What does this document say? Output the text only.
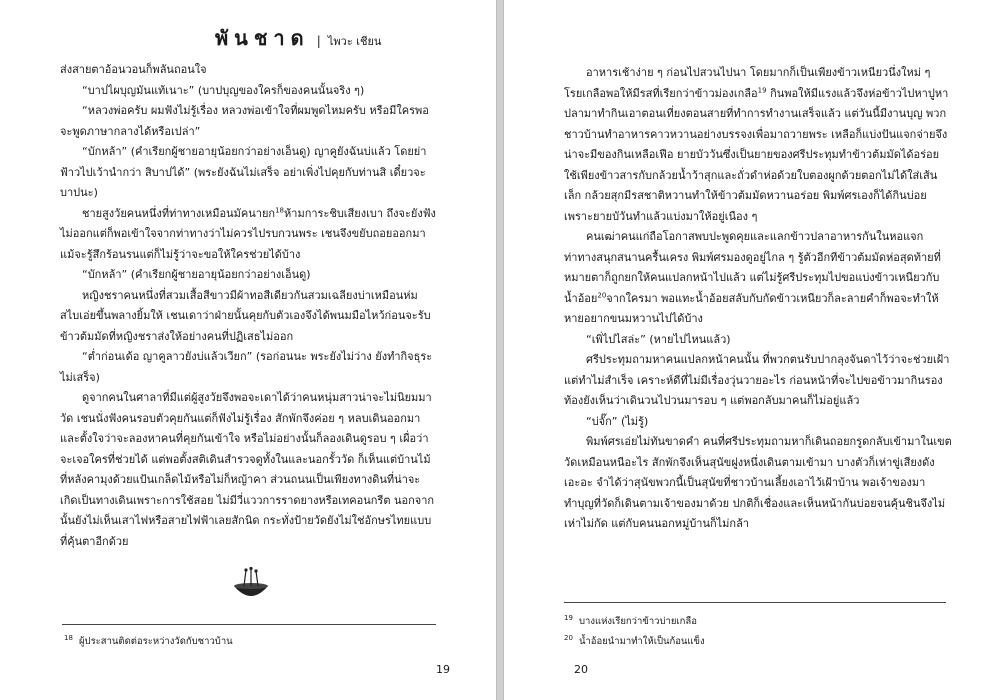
พันชาด | ไพวะ เชียน

ส่งสายตาอ้อนวอนก็พลันถอนใจ

“บาปไผบุญมันแท้เนาะ” (บาปบุญของใครก็ของคนนั้นจริง ๆ)

“หลวงพ่อครับ ผมฟังไม่รู้เรื่อง หลวงพ่อเข้าใจที่ผมพูดไหมครับ หรือมีใครพอจะพูดภาษากลางได้หรือเปล่า”

“บักหล้า” (คำเรียกผู้ชายอายุน้อยกว่าอย่างเอ็นดู) ญาคูยังฉันบ่แล้ว โดยย่าฟ้าวไปเว้านำกว่า สิบาปได้” (พระยังฉันไม่เสร็จ อย่าเพิ่งไปคุยกับท่านสิ เดี๋ยวจะบาปนะ)

ชายสูงวัยคนหนึ่งที่ท่าทางเหมือนมัคนายก$^{18}$ห้ามการะชิบเสียงเบา ถึงจะยังฟังไม่ออกแต่ก็พอเข้าใจจากท่าทางว่าไม่ควรไปรบกวนพระ เชนจึงขยับถอยออกมา แม้จะรู้สึกร้อนรนแต่ก็ไม่รู้ว่าจะขอให้ใครช่วยได้บ้าง

“บักหล้า” (คำเรียกผู้ชายอายุน้อยกว่าอย่างเอ็นดู)

หญิงชราคนหนึ่งที่สวมเสื้อสีขาวมีผ้าทอสีเดียวกันสวมเฉลียงบ่าเหมือนห่มสไบเอ่ยขึ้นพลางยิ้มให้ เชนเดาว่าฝ่ายนั้นคุยกับตัวเองจึงได้พนมมือไหว้ก่อนจะรับข้าวต้มมัดที่หญิงชราส่งให้อย่างคนที่ปฏิเสธไม่ออก

“ต่ำก่อนเด้อ ญาคูลาวยังบ่แล้วเวียก” (รอก่อนนะ พระยังไม่ว่าง ยังทำกิจธุระไม่เสร็จ)

ดูจากคนในศาลาที่มีแต่ผู้สูงวัยจึงพอจะเดาได้ว่าคนหนุ่มสาวน่าจะไม่นิยมมาวัด เชนนั่งฟังคนรอบตัวคุยกันแต่ก็ฟังไม่รู้เรื่อง สักพักจึงค่อย ๆ หลบเดินออกมาและตั้งใจว่าจะลองหาคนที่คุยกันเข้าใจ หรือไม่อย่างนั้นก็ลองเดินดูรอบ ๆ เผื่อว่าจะเจอใครที่ช่วยได้ แต่พอตั้งสติเดินสำรวจดูทั้งในและนอกรั้ววัด ก็เห็นแต่บ้านไม้ที่หลังคามุงด้วยแป้นเกล็ดไม้หรือไม่ก็หญ้าคา ส่วนถนนเป็นเพียงทางดินที่น่าจะเกิดเป็นทางเดินเพราะการใช้สอย ไม่มีวี่แววการราดยางหรือเทคอนกรีต นอกจากนั้นยังไม่เห็นเสาไฟหรือสายไฟฟ้าเลยสักนิด กระทั่งป้ายวัดยังไม่ใช่อักษรไทยแบบที่คุ้นตาอีกด้วย

$^{18}$ ผู้ประสานติดต่อระหว่างวัดกับชาวบ้าน
19

อาหารเช้าง่าย ๆ ก่อนไปสวนไปนา โดยมากก็เป็นเพียงข้าวเหนียวนึ่งใหม่ ๆ โรยเกลือพอให้มีรสที่เรียกว่าข้าวม่องเกลือ$^{19}$ กินพอให้มีแรงแล้วจึงห่อข้าวไปหาปูหาปลามาทำกินเอาตอนเที่ยงตอนสายที่ทำการทำงานเสร็จแล้ว แต่วันนี้มีงานบุญ พวกชาวบ้านทำอาหารคาวหวานอย่างบรรจงเพื่อมาถวายพระ เหลือก็แบ่งปันแจกจ่ายจึงน่าจะมีของกินเหลือเฟือ ยายบัววันซึ่งเป็นยายของศรีประทุมทำข้าวต้มมัดได้อร่อย ใช้เพียงข้าวสารกับกล้วยน้ำว้าสุกและถั่วดำห่อด้วยใบตองผูกด้วยตอกไม่ได้ใส่เส้นเล็ก กล้วยสุกมีรสชาติหวานทำให้ข้าวต้มมัดหวานอร่อย พิมพ์ศรเองก็ได้กินบ่อยเพราะยายบัวันทำแล้วแบ่งมาให้อยู่เนือง ๆ

คนเฒ่าคนแก่ถือโอกาสพบปะพูดคุยและแลกข้าวปลาอาหารกันในหอแจก ท่าทางสนุกสนานครื้นเครง พิมพ์ศรมองดูอยู่ไกล ๆ รู้ตัวอีกทีข้าวต้มมัดห่อสุดท้ายที่หมายตาก็ถูกยกให้คนแปลกหน้าไปแล้ว แต่ไม่รู้ศรีประทุมไปขอแบ่งข้าวเหนียวกับน้ำอ้อย$^{20}$จากใครมา พอแทะน้ำอ้อยสลับกับกัดข้าวเหนียวก็ละลายคำก็พอจะทำให้หายอยากขนมหวานไปได้บ้าง

“เพิ่ไปไสล่ะ” (หายไปไหนแล้ว)

ศรีประทุมถามหาคนแปลกหน้าคนนั้น ที่พวกตนรับปากลุงจันดาไว้ว่าจะช่วยเฝ้าแต่ทำไม่สำเร็จ เคราะห์ดีที่ไม่มีเรื่องวุ่นวายอะไร ก่อนหน้าที่จะไปขอข้าวมากินรองท้องยังเห็นว่าเดินวนไปวนมารอบ ๆ แต่พอกลับมาคนก็ไม่อยู่แล้ว

“บ่จั๊ก” (ไม่รู้)

พิมพ์ศรเอ่ยไม่ทันขาดคำ คนที่ศรีประทุมถามหาก็เดินถอยกรูดกลับเข้ามาในเขตวัดเหมือนหนีอะไร สักพักจึงเห็นสุนัขฝูงหนึ่งเดินตามเข้ามา บางตัวก็เห่าขู่เสียงดังเอะอะ จำได้ว่าสุนัขพวกนี้เป็นสุนัขที่ชาวบ้านเลี้ยงเอาไว้เฝ้าบ้าน พอเจ้าของมาทำบุญที่วัดก็เดินตามเจ้าของมาด้วย ปกติก็เชื่องและเห็นหน้ากันบ่อยจนคุ้นชินจึงไม่เห่าไม่กัด แต่กับคนนอกหมู่บ้านก็ไม่กล้า

$^{19}$ บางแห่งเรียกว่าข้าวบ่ายเกลือ
$^{20}$ น้ำอ้อยนำมาทำให้เป็นก้อนแข็ง
20
